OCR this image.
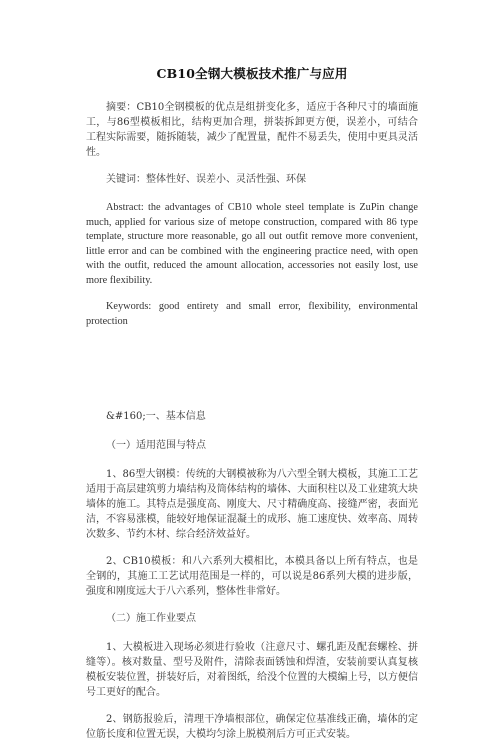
CB10全钢大模板技术推广与应用

摘要：CB10全钢模板的优点是组拼变化多，适应于各种尺寸的墙面施工，与86型模板相比，结构更加合理，拼装拆卸更方便，误差小，可结合工程实际需要，随拆随装，减少了配置量，配件不易丢失，使用中更具灵活性。

关键词：整体性好、误差小、灵活性强、环保

Abstract: the advantages of CB10 whole steel template is ZuPin change much, applied for various size of metope construction, compared with 86 type template, structure more reasonable, go all out outfit remove more convenient, little error and can be combined with the engineering practice need, with open with the outfit, reduced the amount allocation, accessories not easily lost, use more flexibility.

Keywords: good entirety and small error, flexibility, environmental protection

&#160;一、基本信息

（一）适用范围与特点

1、86型大钢模：传统的大钢模被称为八六型全钢大模板，其施工工艺适用于高层建筑剪力墙结构及筒体结构的墙体、大面积柱以及工业建筑大块墙体的施工。其特点是强度高、刚度大、尺寸精确度高、接缝严密，表面光洁，不容易涨模，能较好地保证混凝土的成形、施工速度快、效率高、周转次数多、节约木材、综合经济效益好。

2、CB10模板：和八六系列大模相比，本模具备以上所有特点，也是全钢的，其施工工艺试用范围是一样的，可以说是86系列大模的进步版，强度和刚度远大于八六系列，整体性非常好。

（二）施工作业要点

1、大模板进入现场必须进行验收（注意尺寸、螺孔距及配套螺栓、拼缝等）。核对数量、型号及附件，清除表面锈蚀和焊渣，安装前要认真复核模板安装位置，拼装好后，对着图纸，给没个位置的大模编上号，以方便信号工更好的配合。

2、钢筋报验后，清理干净墙根部位，确保定位基准线正确，墙体的定位筋长度和位置无误，大模均匀涂上脱模剂后方可正式安装。
